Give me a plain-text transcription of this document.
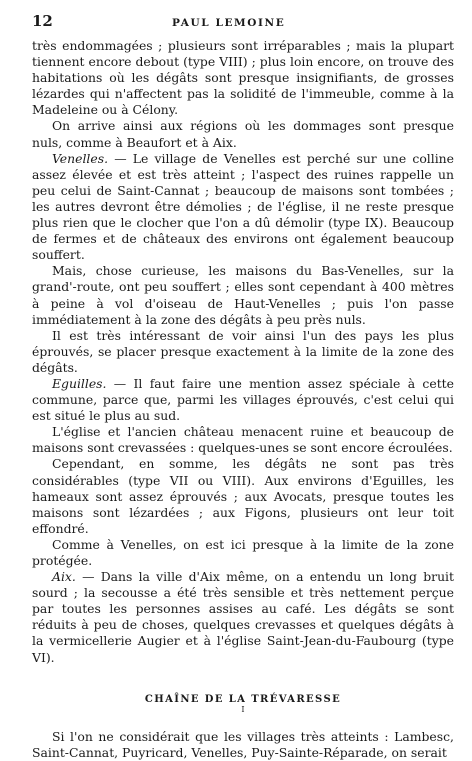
12	PAUL LEMOINE

très endommagées ; plusieurs sont irréparables ; mais la plupart tiennent encore debout (type VIII) ; plus loin encore, on trouve des habitations où les dégâts sont presque insignifiants, de grosses lézardes qui n'affectent pas la solidité de l'immeuble, comme à la Madeleine ou à Célony.

On arrive ainsi aux régions où les dommages sont presque nuls, comme à Beaufort et à Aix.

Venelles. — Le village de Venelles est perché sur une colline assez élevée et est très atteint ; l'aspect des ruines rappelle un peu celui de Saint-Cannat ; beaucoup de maisons sont tombées ; les autres devront être démolies ; de l'église, il ne reste presque plus rien que le clocher que l'on a dû démolir (type IX). Beaucoup de fermes et de châteaux des environs ont également beaucoup souffert.

Mais, chose curieuse, les maisons du Bas-Venelles, sur la grand'-route, ont peu souffert ; elles sont cependant à 400 mètres à peine à vol d'oiseau de Haut-Venelles ; puis l'on passe immédiatement à la zone des dégâts à peu près nuls.

Il est très intéressant de voir ainsi l'un des pays les plus éprouvés, se placer presque exactement à la limite de la zone des dégâts.

Eguilles. — Il faut faire une mention assez spéciale à cette commune, parce que, parmi les villages éprouvés, c'est celui qui est situé le plus au sud.

L'église et l'ancien château menacent ruine et beaucoup de maisons sont crevassées : quelques-unes se sont encore écroulées.

Cependant, en somme, les dégâts ne sont pas très considérables (type VII ou VIII). Aux environs d'Eguilles, les hameaux sont assez éprouvés ; aux Avocats, presque toutes les maisons sont lézardées ; aux Figons, plusieurs ont leur toit effondré.

Comme à Venelles, on est ici presque à la limite de la zone protégée.

Aix. — Dans la ville d'Aix même, on a entendu un long bruit sourd ; la secousse a été très sensible et très nettement perçue par toutes les personnes assises au café. Les dégâts se sont réduits à peu de choses, quelques crevasses et quelques dégâts à la vermicellerie Augier et à l'église Saint-Jean-du-Faubourg (type VI).

CHAÎNE DE LA TRÉVARESSE
I

Si l'on ne considérait que les villages très atteints : Lambesc, Saint-Cannat, Puyricard, Venelles, Puy-Sainte-Réparade, on serait
